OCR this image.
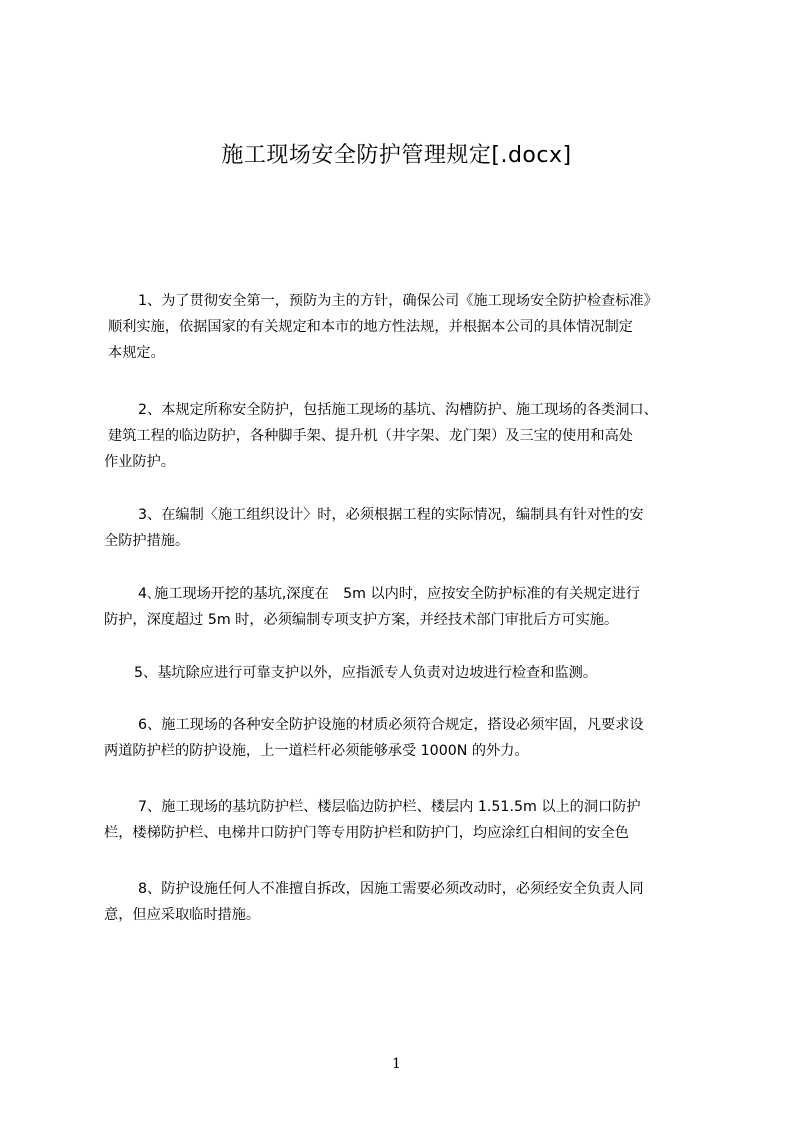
施工现场安全防护管理规定[.docx]
1、为了贯彻安全第一，预防为主的方针，确保公司《施工现场安全防护检查标准》
顺利实施，依据国家的有关规定和本市的地方性法规，并根据本公司的具体情况制定
本规定。
2、本规定所称安全防护，包括施工现场的基坑、沟槽防护、施工现场的各类洞口、
建筑工程的临边防护，各种脚手架、提升机（井字架、龙门架）及三宝的使用和高处
作业防护。
3、在编制〈施工组织设计〉时，必须根据工程的实际情况，编制具有针对性的安
全防护措施。
4､施工现场开挖的基坑,深度在　5m 以内时，应按安全防护标准的有关规定进行
防护，深度超过 5m 时，必须编制专项支护方案，并经技术部门审批后方可实施。
5、基坑除应进行可靠支护以外，应指派专人负责对边坡进行检查和监测。
6、施工现场的各种安全防护设施的材质必须符合规定，搭设必须牢固，凡要求设
两道防护栏的防护设施，上一道栏杆必须能够承受 1000N 的外力。
7、施工现场的基坑防护栏、楼层临边防护栏、楼层内 1.51.5m 以上的洞口防护
栏，楼梯防护栏、电梯井口防护门等专用防护栏和防护门，均应涂红白相间的安全色
8、防护设施任何人不准擅自拆改，因施工需要必须改动时，必须经安全负责人同
意，但应采取临时措施。
1
